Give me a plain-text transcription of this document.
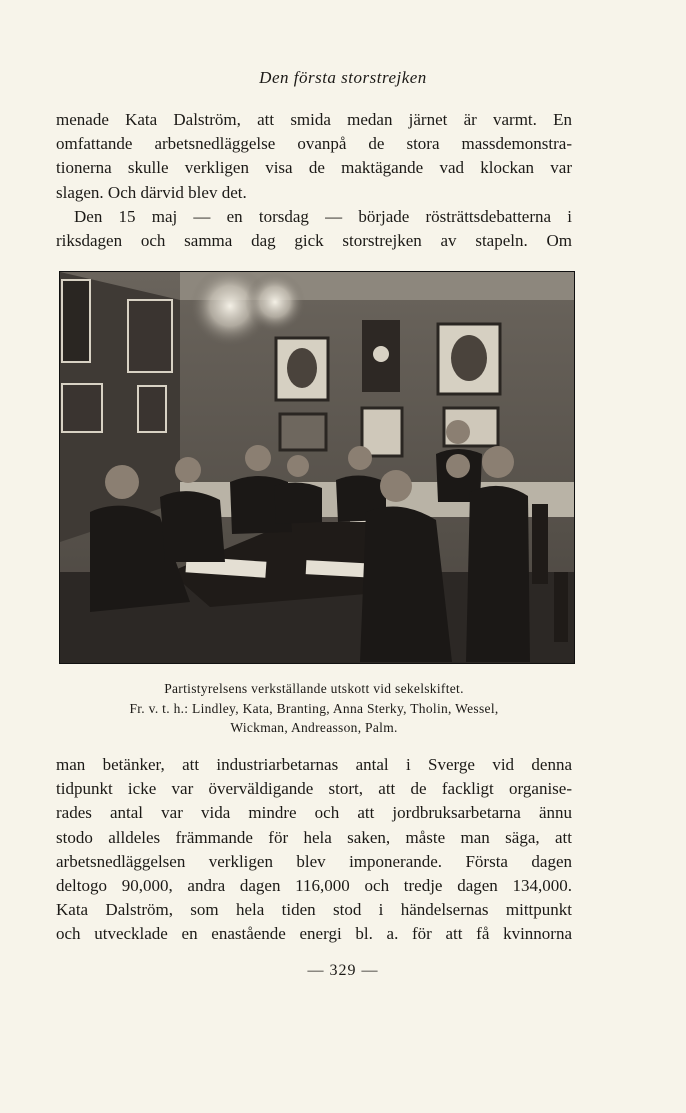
Den första storstrejken
menade Kata Dalström, att smida medan järnet är varmt. En
omfattande arbetsnedläggelse ovanpå de stora massdemonstra-
tionerna skulle verkligen visa de maktägande vad klockan var
slagen. Och därvid blev det.
Den 15 maj — en torsdag — började rösträttsdebatterna i
riksdagen och samma dag gick storstrejken av stapeln. Om
Partistyrelsens verkställande utskott vid sekelskiftet.
Fr. v. t. h.: Lindley, Kata, Branting, Anna Sterky, Tholin, Wessel,
Wickman, Andreasson, Palm.
man betänker, att industriarbetarnas antal i Sverge vid denna
tidpunkt icke var överväldigande stort, att de fackligt organise-
rades antal var vida mindre och att jordbruksarbetarna ännu
stodo alldeles främmande för hela saken, måste man säga, att
arbetsnedläggelsen verkligen blev imponerande. Första dagen
deltogo 90,000, andra dagen 116,000 och tredje dagen 134,000.
Kata Dalström, som hela tiden stod i händelsernas mittpunkt
och utvecklade en enastående energi bl. a. för att få kvinnorna
— 329 —
